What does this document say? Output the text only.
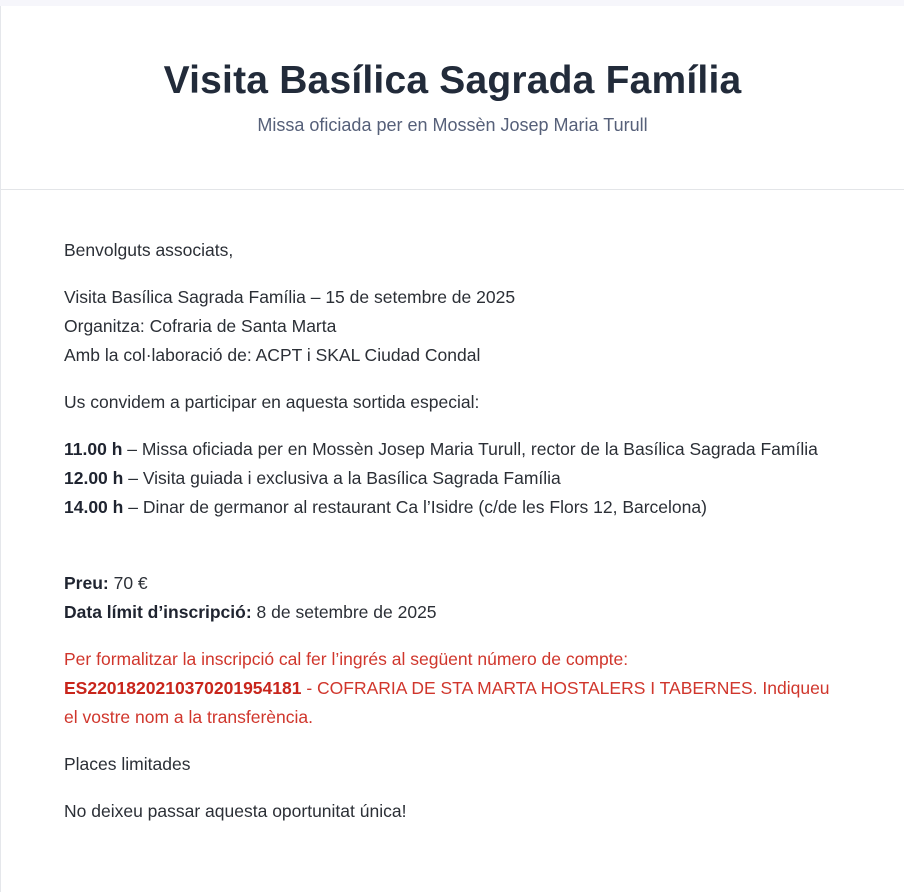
Visita Basílica Sagrada Família

Missa oficiada per en Mossèn Josep Maria Turull

Benvolguts associats,

Visita Basílica Sagrada Família – 15 de setembre de 2025
Organitza: Cofraria de Santa Marta
Amb la col·laboració de: ACPT i SKAL Ciudad Condal

Us convidem a participar en aquesta sortida especial:

11.00 h – Missa oficiada per en Mossèn Josep Maria Turull, rector de la Basílica Sagrada Família
12.00 h – Visita guiada i exclusiva a la Basílica Sagrada Família
14.00 h – Dinar de germanor al restaurant Ca l’Isidre (c/de les Flors 12, Barcelona)

Preu: 70 €
Data límit d’inscripció: 8 de setembre de 2025

Per formalitzar la inscripció cal fer l’ingrés al següent número de compte:
ES2201820210370201954181 - COFRARIA DE STA MARTA HOSTALERS I TABERNES. Indiqueu el vostre nom a la transferència.

Places limitades

No deixeu passar aquesta oportunitat única!
